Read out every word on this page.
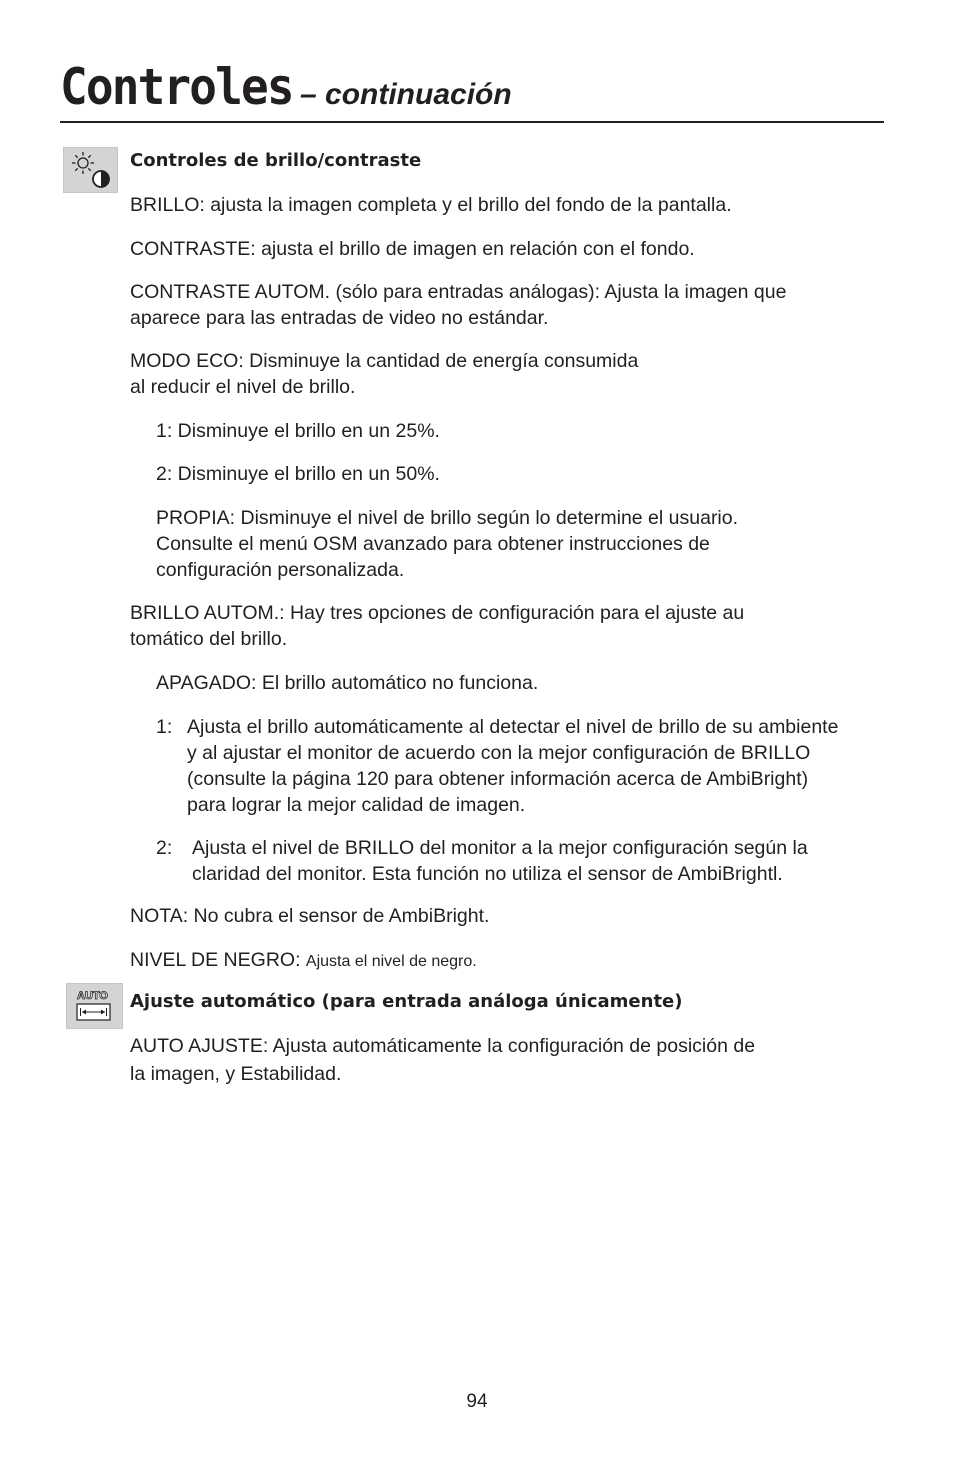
Controles – continuación
AUTO
Controles de brillo/contraste
BRILLO: ajusta la imagen completa y el brillo del fondo de la pantalla.
CONTRASTE: ajusta el brillo de imagen en relación con el fondo.
CONTRASTE AUTOM. (sólo para entradas análogas): Ajusta la imagen que
aparece para las entradas de video no estándar.
MODO ECO: Disminuye la cantidad de energía consumida
al reducir el nivel de brillo.
1: Disminuye el brillo en un 25%.
2: Disminuye el brillo en un 50%.
PROPIA: Disminuye el nivel de brillo según lo determine el usuario.
Consulte el menú OSM avanzado para obtener instrucciones de
configuración personalizada.
BRILLO AUTOM.: Hay tres opciones de configuración para el ajuste au
tomático del brillo.
APAGADO: El brillo automático no funciona.
1: Ajusta el brillo automáticamente al detectar el nivel de brillo de su ambiente
y al ajustar el monitor de acuerdo con la mejor configuración de BRILLO
(consulte la página 120 para obtener información acerca de AmbiBright)
para lograr la mejor calidad de imagen.
2: Ajusta el nivel de BRILLO del monitor a la mejor configuración según la
claridad del monitor. Esta función no utiliza el sensor de AmbiBrightl.
NOTA: No cubra el sensor de AmbiBright.
NIVEL DE NEGRO: Ajusta el nivel de negro.
Ajuste automático (para entrada análoga únicamente)
AUTO AJUSTE: Ajusta automáticamente la configuración de posición de
la imagen, y Estabilidad.
94
